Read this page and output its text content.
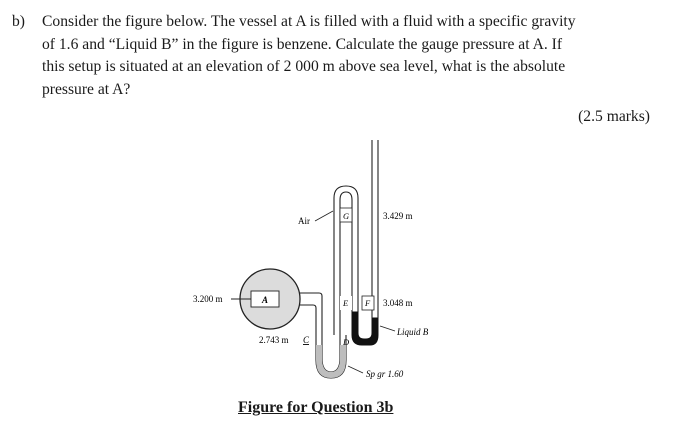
b) Consider the figure below. The vessel at A is filled with a fluid with a specific gravity
of 1.6 and “Liquid B” in the figure is benzene. Calculate the gauge pressure at A. If
this setup is situated at an elevation of 2 000 m above sea level, what is the absolute
pressure at A?
(2.5 marks)
A
3.200 m
G
Air	3.429 m
E F 3.048 m
Liquid B
2.743 m C	D
Sp gr 1.60
Figure for Question 3b
